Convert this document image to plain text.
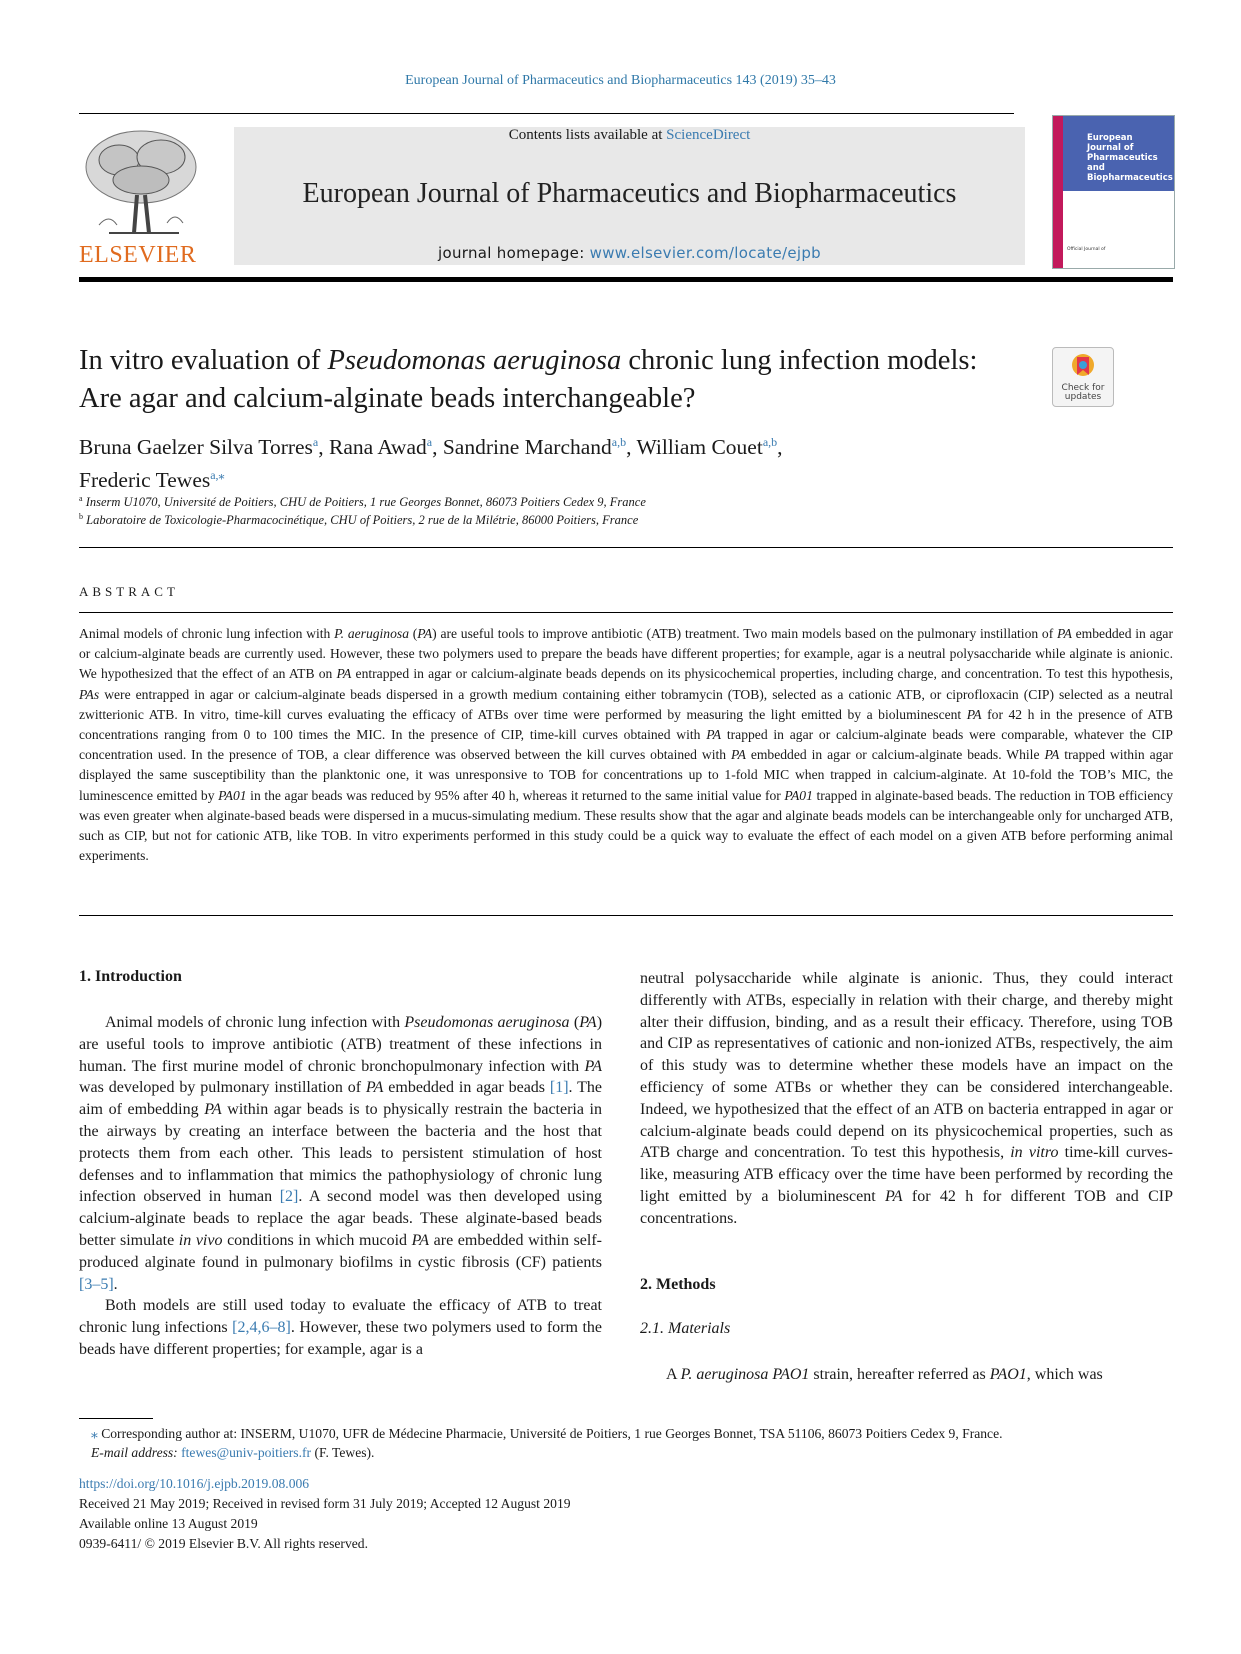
European Journal of Pharmaceutics and Biopharmaceutics 143 (2019) 35–43
ELSEVIER
Contents lists available at ScienceDirect
European Journal of Pharmaceutics and Biopharmaceutics
journal homepage: www.elsevier.com/locate/ejpb
European
Journal of
Pharmaceutics and
Biopharmaceutics
Official Journal of
In vitro evaluation of Pseudomonas aeruginosa chronic lung infection models:
Are agar and calcium-alginate beads interchangeable?	Check for updates
Bruna Gaelzer Silva Torres$^a$, Rana Awad$^a$, Sandrine Marchand$^{a,b}$, William Couet$^{a,b}$,
Frederic Tewes$^{a,⁎}$
$^a$ Inserm U1070, Université de Poitiers, CHU de Poitiers, 1 rue Georges Bonnet, 86073 Poitiers Cedex 9, France
$^b$ Laboratoire de Toxicologie-Pharmacocinétique, CHU of Poitiers, 2 rue de la Milétrie, 86000 Poitiers, France
ABSTRACT
Animal models of chronic lung infection with P. aeruginosa (PA) are useful tools to improve antibiotic (ATB) treatment. Two main models based on the pulmonary instillation of PA embedded in agar or calcium-alginate beads are currently used. However, these two polymers used to prepare the beads have different properties; for example, agar is a neutral polysaccharide while alginate is anionic. We hypothesized that the effect of an ATB on PA entrapped in agar or calcium-alginate beads depends on its physicochemical properties, including charge, and concentration. To test this hypothesis, PAs were entrapped in agar or calcium-alginate beads dispersed in a growth medium containing either tobramycin (TOB), selected as a cationic ATB, or ciprofloxacin (CIP) selected as a neutral zwitterionic ATB. In vitro, time-kill curves evaluating the efficacy of ATBs over time were performed by measuring the light emitted by a bioluminescent PA for 42 h in the presence of ATB concentrations ranging from 0 to 100 times the MIC. In the presence of CIP, time-kill curves obtained with PA trapped in agar or calcium-alginate beads were comparable, whatever the CIP concentration used. In the presence of TOB, a clear difference was observed between the kill curves obtained with PA embedded in agar or calcium-alginate beads. While PA trapped within agar displayed the same susceptibility than the planktonic one, it was unresponsive to TOB for concentrations up to 1-fold MIC when trapped in calcium-alginate. At 10-fold the TOB’s MIC, the luminescence emitted by PA01 in the agar beads was reduced by 95% after 40 h, whereas it returned to the same initial value for PA01 trapped in alginate-based beads. The reduction in TOB efficiency was even greater when alginate-based beads were dispersed in a mucus-simulating medium. These results show that the agar and alginate beads models can be interchangeable only for uncharged ATB, such as CIP, but not for cationic ATB, like TOB. In vitro experiments performed in this study could be a quick way to evaluate the effect of each model on a given ATB before performing animal experiments.
1. Introduction

Animal models of chronic lung infection with Pseudomonas aeruginosa (PA) are useful tools to improve antibiotic (ATB) treatment of these infections in human. The first murine model of chronic bronchopulmonary infection with PA was developed by pulmonary instillation of PA embedded in agar beads [1]. The aim of embedding PA within agar beads is to physically restrain the bacteria in the airways by creating an interface between the bacteria and the host that protects them from each other. This leads to persistent stimulation of host defenses and to inflammation that mimics the pathophysiology of chronic lung infection observed in human [2]. A second model was then developed using calcium-alginate beads to replace the agar beads. These alginate-based beads better simulate in vivo conditions in which mucoid PA are embedded within self-produced alginate found in pulmonary biofilms in cystic fibrosis (CF) patients [3–5].

Both models are still used today to evaluate the efficacy of ATB to treat chronic lung infections [2,4,6–8]. However, these two polymers used to form the beads have different properties; for example, agar is a

neutral polysaccharide while alginate is anionic. Thus, they could interact differently with ATBs, especially in relation with their charge, and thereby might alter their diffusion, binding, and as a result their efficacy. Therefore, using TOB and CIP as representatives of cationic and non-ionized ATBs, respectively, the aim of this study was to determine whether these models have an impact on the efficiency of some ATBs or whether they can be considered interchangeable. Indeed, we hypothesized that the effect of an ATB on bacteria entrapped in agar or calcium-alginate beads could depend on its physicochemical properties, such as ATB charge and concentration. To test this hypothesis, in vitro time-kill curves-like, measuring ATB efficacy over the time have been performed by recording the light emitted by a bioluminescent PA for 42 h for different TOB and CIP concentrations.

2. Methods
2.1. Materials

A P. aeruginosa PAO1 strain, hereafter referred as PAO1, which was

⁎ Corresponding author at: INSERM, U1070, UFR de Médecine Pharmacie, Université de Poitiers, 1 rue Georges Bonnet, TSA 51106, 86073 Poitiers Cedex 9, France.
E-mail address: ftewes@univ-poitiers.fr (F. Tewes).
https://doi.org/10.1016/j.ejpb.2019.08.006
Received 21 May 2019; Received in revised form 31 July 2019; Accepted 12 August 2019
Available online 13 August 2019
0939-6411/ © 2019 Elsevier B.V. All rights reserved.
